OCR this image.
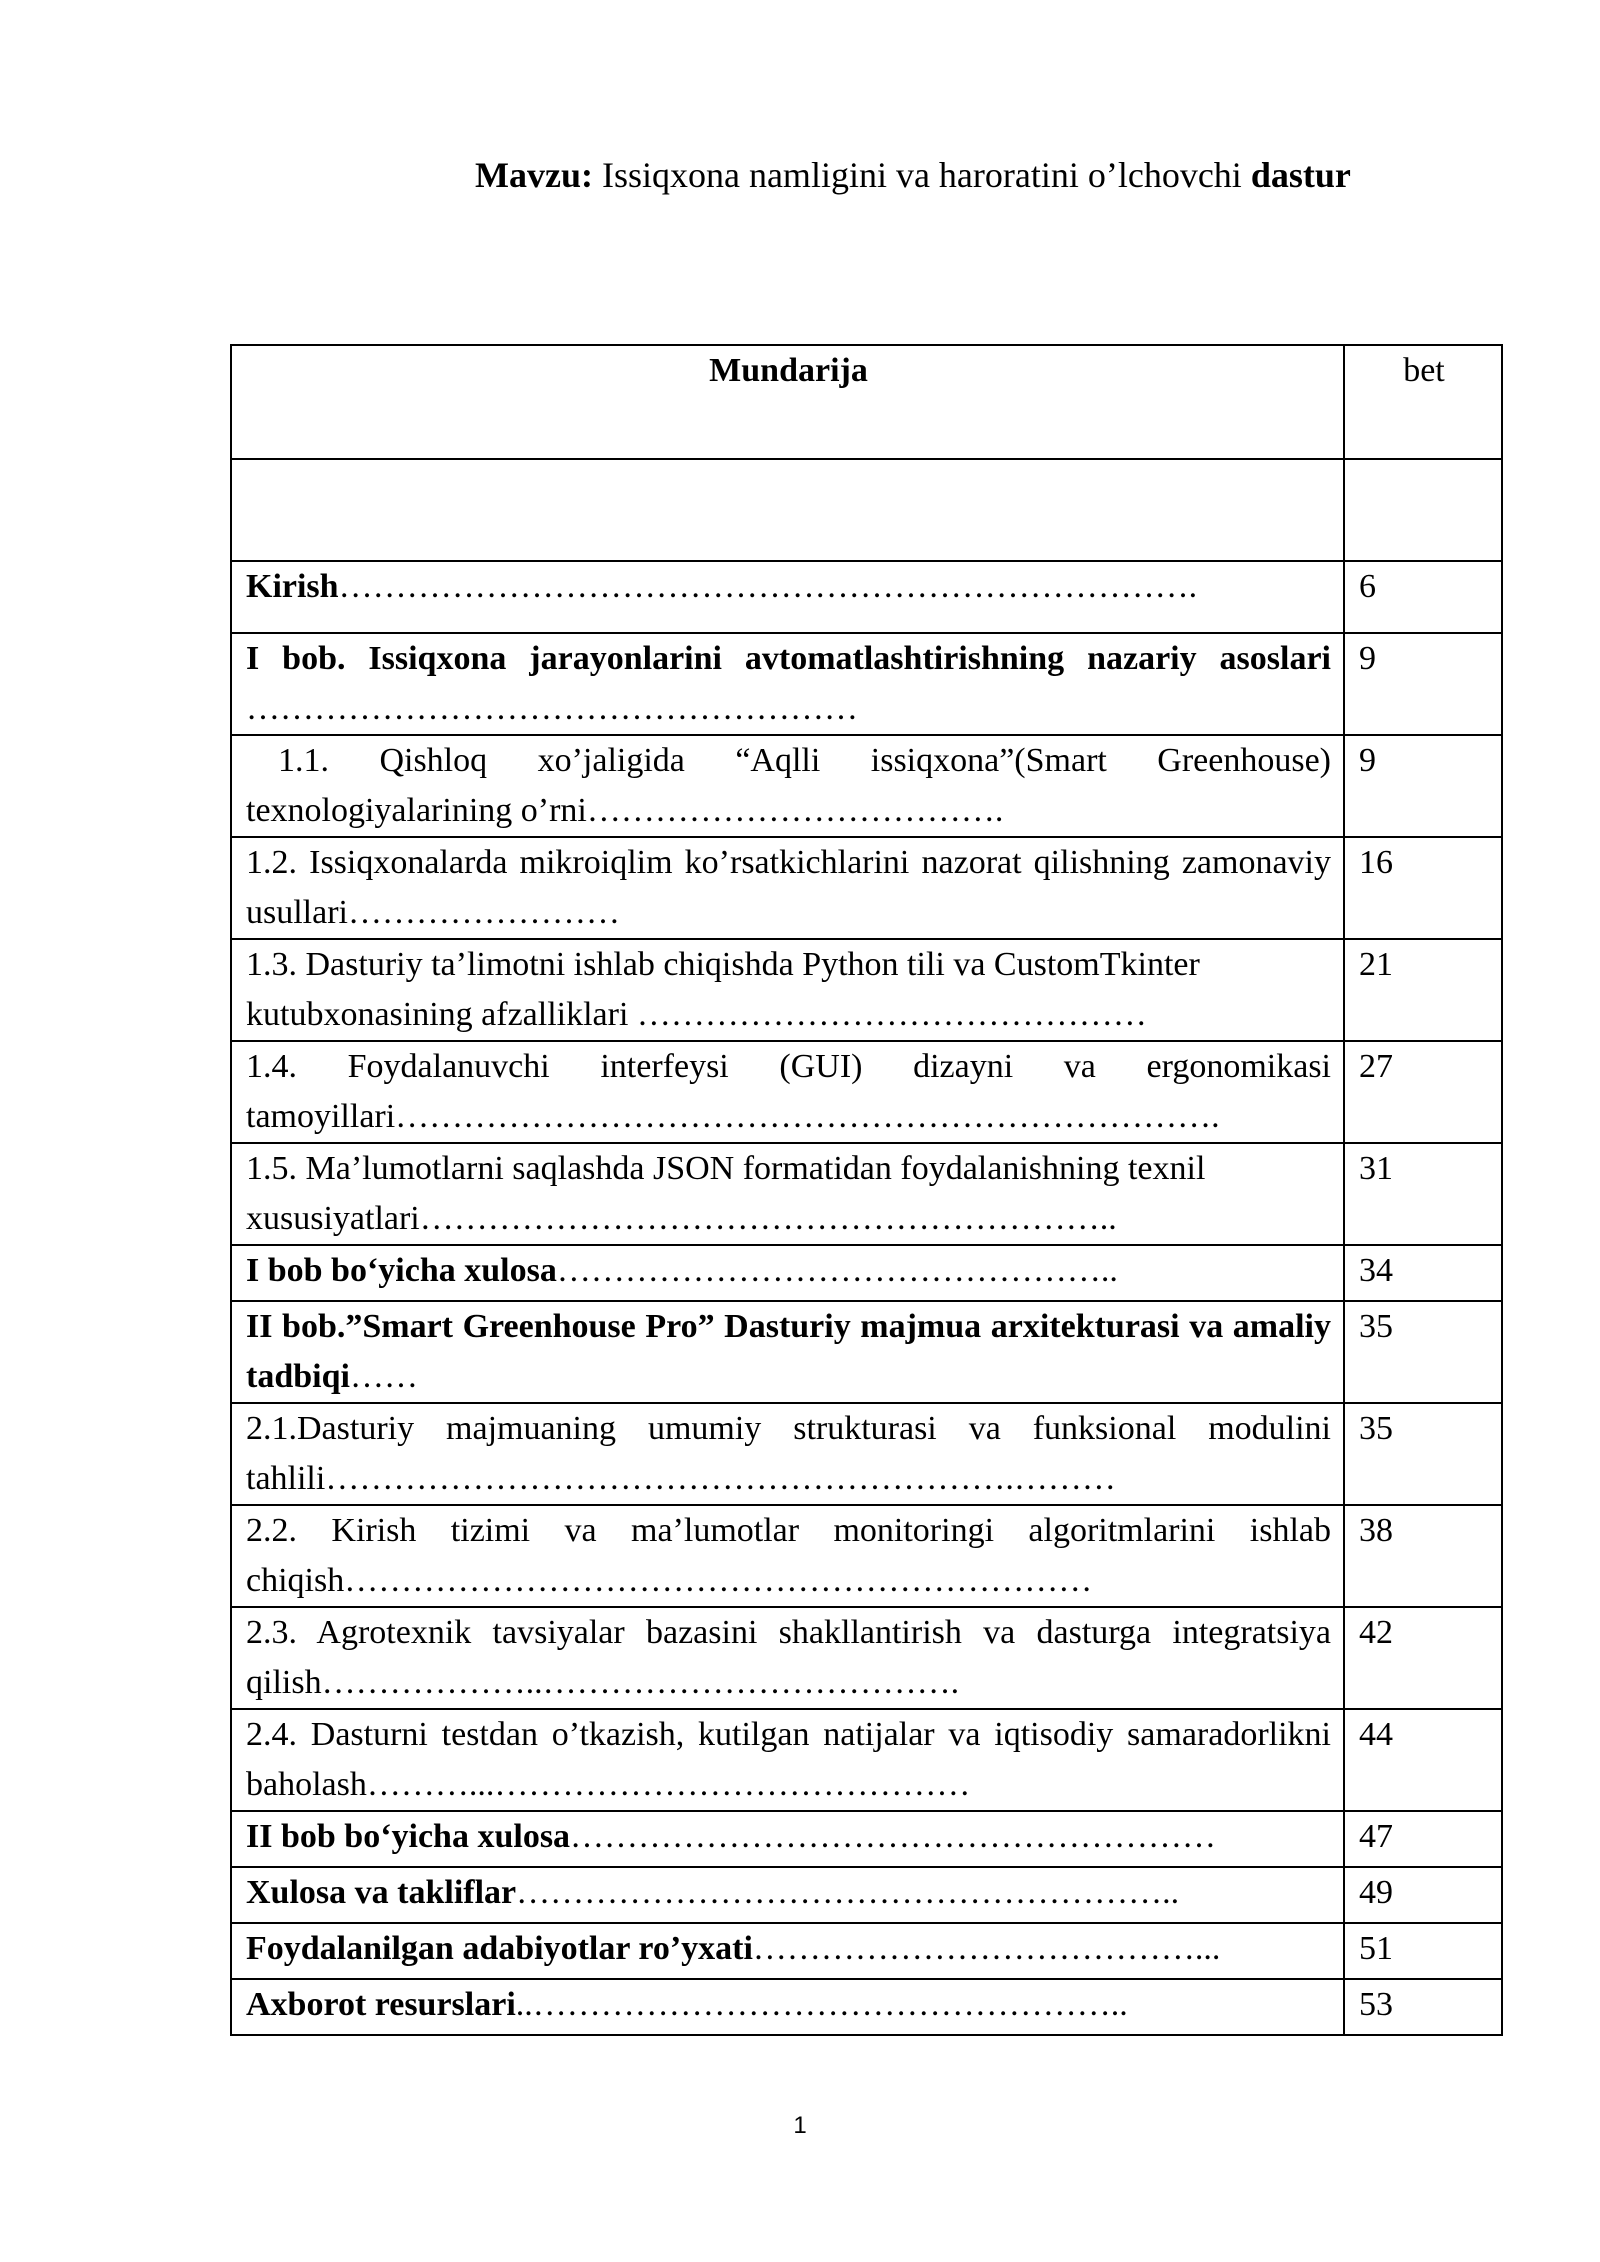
Mavzu: Issiqxona namligini va haroratini o’lchovchi dastur
Mundarija	bet

Kirish………………………………………………………………….	6
I bob. Issiqxona jarayonlarini avtomatlashtirishning nazariy asoslari ………………………………………………	9
1.1. Qishloq xo’jaligida “Aqlli issiqxona”(Smart Greenhouse) texnologiyalarining o’rni……………………………….	9
1.2. Issiqxonalarda mikroiqlim ko’rsatkichlarini nazorat qilishning zamonaviy usullari……………………	16
1.3. Dasturiy ta’limotni ishlab chiqishda Python tili va CustomTkinter kutubxonasining afzalliklari ………………………………………	21
1.4. Foydalanuvchi interfeysi (GUI) dizayni va ergonomikasi tamoyillari……………………………………………………………….	27
1.5. Ma’lumotlarni saqlashda JSON formatidan foydalanishning texnil xususiyatlari……………………………………………………..	31
I bob bo‘yicha xulosa…………………………………………..	34
II bob.”Smart Greenhouse Pro” Dasturiy majmua arxitekturasi va amaliy tadbiqi……	35
2.1.Dasturiy majmuaning umumiy strukturasi va funksional modulini tahlili…………………………………………………….………	35
2.2. Kirish tizimi va ma’lumotlar monitoringi algoritmlarini ishlab chiqish…………………………………………………………	38
2.3. Agrotexnik tavsiyalar bazasini shakllantirish va dasturga integratsiya qilish………………..……………………………….	42
2.4. Dasturni testdan o’tkazish, kutilgan natijalar va iqtisodiy samaradorlikni baholash………...……………………………………	44
II bob bo‘yicha xulosa…………………………………………………	47
Xulosa va takliflar…………………………………………………..	49
Foydalanilgan adabiyotlar ro’yxati…………………………………...	51
Axborot resurslari..……………………………………………..	53
1
